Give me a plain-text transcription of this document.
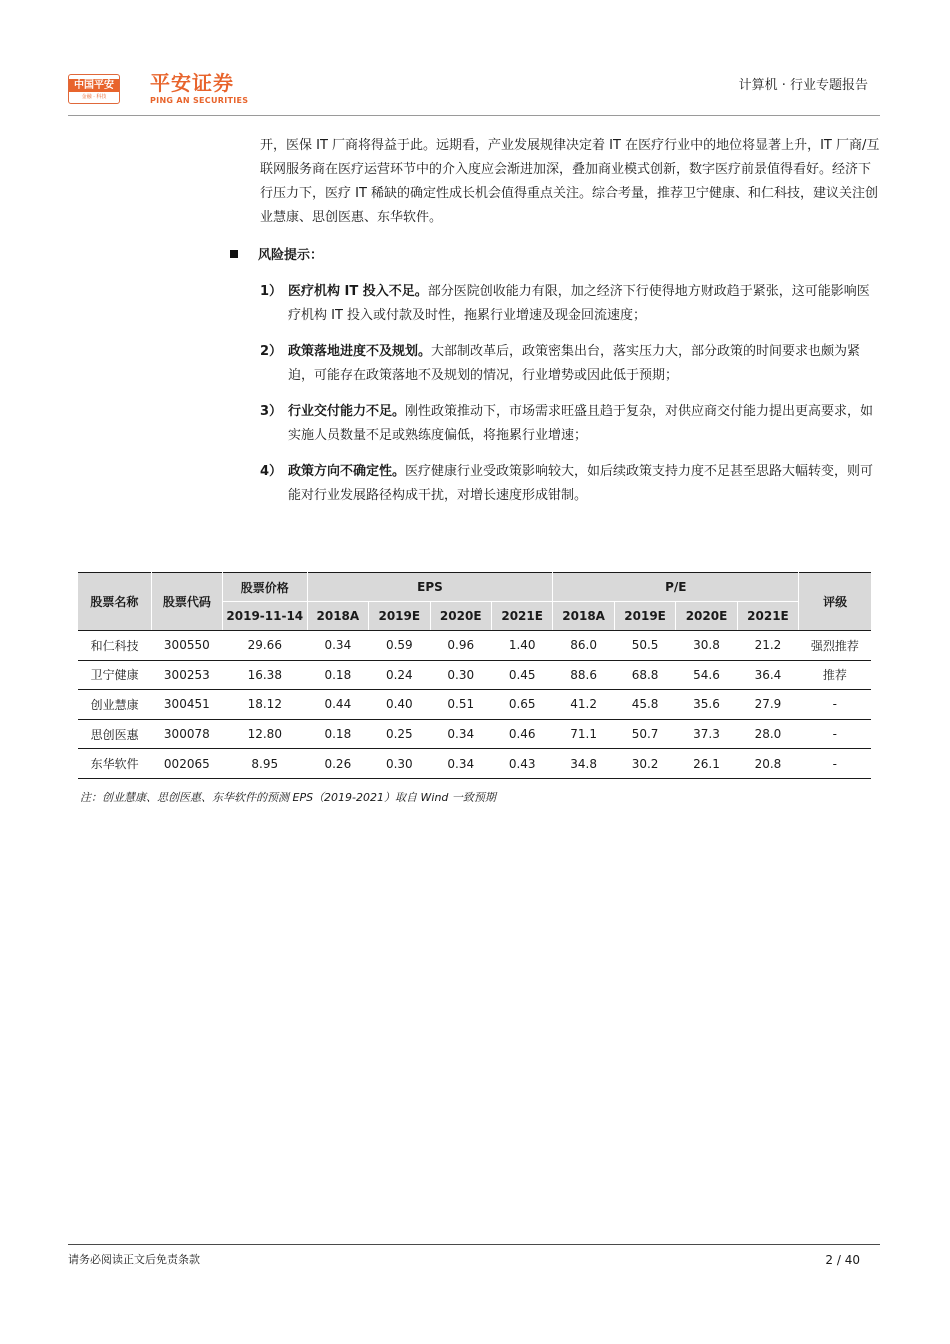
中国平安
金融 · 科技
平安证券
PING AN SECURITIES
计算机 · 行业专题报告
开，医保 IT 厂商将得益于此。远期看，产业发展规律决定着 IT 在医疗行业中的地位将显著上升，IT 厂商/互联网服务商在医疗运营环节中的介入度应会渐进加深，叠加商业模式创新，数字医疗前景值得看好。经济下行压力下，医疗 IT 稀缺的确定性成长机会值得重点关注。综合考量，推荐卫宁健康、和仁科技，建议关注创业慧康、思创医惠、东华软件。
风险提示：
1） 医疗机构 IT 投入不足。部分医院创收能力有限，加之经济下行使得地方财政趋于紧张，这可能影响医疗机构 IT 投入或付款及时性，拖累行业增速及现金回流速度；
2） 政策落地进度不及规划。大部制改革后，政策密集出台，落实压力大，部分政策的时间要求也颇为紧迫，可能存在政策落地不及规划的情况，行业增势或因此低于预期；
3） 行业交付能力不足。刚性政策推动下，市场需求旺盛且趋于复杂，对供应商交付能力提出更高要求，如实施人员数量不足或熟练度偏低，将拖累行业增速；
4） 政策方向不确定性。医疗健康行业受政策影响较大，如后续政策支持力度不足甚至思路大幅转变，则可能对行业发展路径构成干扰，对增长速度形成钳制。
股票名称	股票代码	股票价格	EPS				P/E				评级
		2019-11-14	2018A	2019E	2020E	2021E	2018A	2019E	2020E	2021E	
和仁科技	300550	29.66	0.34	0.59	0.96	1.40	86.0	50.5	30.8	21.2	强烈推荐
卫宁健康	300253	16.38	0.18	0.24	0.30	0.45	88.6	68.8	54.6	36.4	推荐
创业慧康	300451	18.12	0.44	0.40	0.51	0.65	41.2	45.8	35.6	27.9	-
思创医惠	300078	12.80	0.18	0.25	0.34	0.46	71.1	50.7	37.3	28.0	-
东华软件	002065	8.95	0.26	0.30	0.34	0.43	34.8	30.2	26.1	20.8	-
注：创业慧康、思创医惠、东华软件的预测 EPS（2019-2021）取自 Wind 一致预期
请务必阅读正文后免责条款	2 / 40
